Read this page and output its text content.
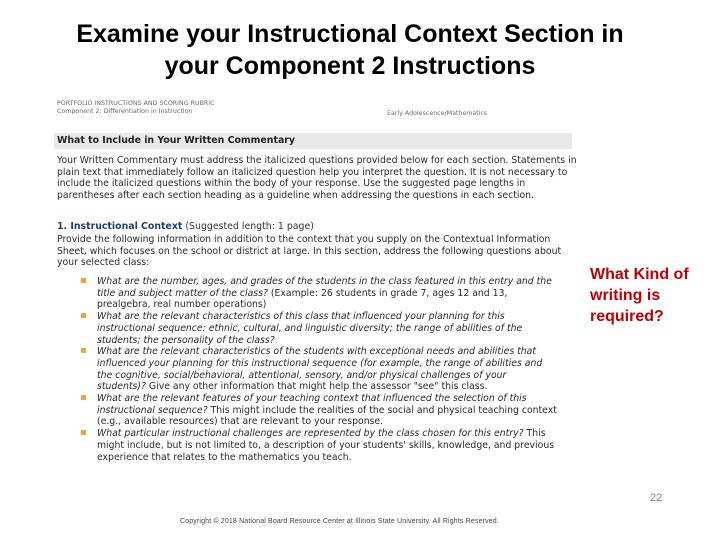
Examine your Instructional Context Section in
your Component 2 Instructions
PORTFOLIO INSTRUCTIONS AND SCORING RUBRIC
Component 2: Differentiation in Instruction	Early Adolescence/Mathematics
What to Include in Your Written Commentary
Your Written Commentary must address the italicized questions provided below for each section. Statements in plain text that immediately follow an italicized question help you interpret the question. It is not necessary to include the italicized questions within the body of your response. Use the suggested page lengths in parentheses after each section heading as a guideline when addressing the questions in each section.
1. Instructional Context (Suggested length: 1 page)
Provide the following information in addition to the context that you supply on the Contextual Information Sheet, which focuses on the school or district at large. In this section, address the following questions about your selected class:
What are the number, ages, and grades of the students in the class featured in this entry and the title and subject matter of the class? (Example: 26 students in grade 7, ages 12 and 13, prealgebra, real number operations)
What are the relevant characteristics of this class that influenced your planning for this instructional sequence: ethnic, cultural, and linguistic diversity; the range of abilities of the students; the personality of the class?
What are the relevant characteristics of the students with exceptional needs and abilities that influenced your planning for this instructional sequence (for example, the range of abilities and the cognitive, social/behavioral, attentional, sensory, and/or physical challenges of your students)? Give any other information that might help the assessor "see" this class.
What are the relevant features of your teaching context that influenced the selection of this instructional sequence? This might include the realities of the social and physical teaching context (e.g., available resources) that are relevant to your response.
What particular instructional challenges are represented by the class chosen for this entry? This might include, but is not limited to, a description of your students' skills, knowledge, and previous experience that relates to the mathematics you teach.
What Kind of
writing is
required?
22
Copyright © 2018 National Board Resource Center at Illinois State University. All Rights Reserved.
